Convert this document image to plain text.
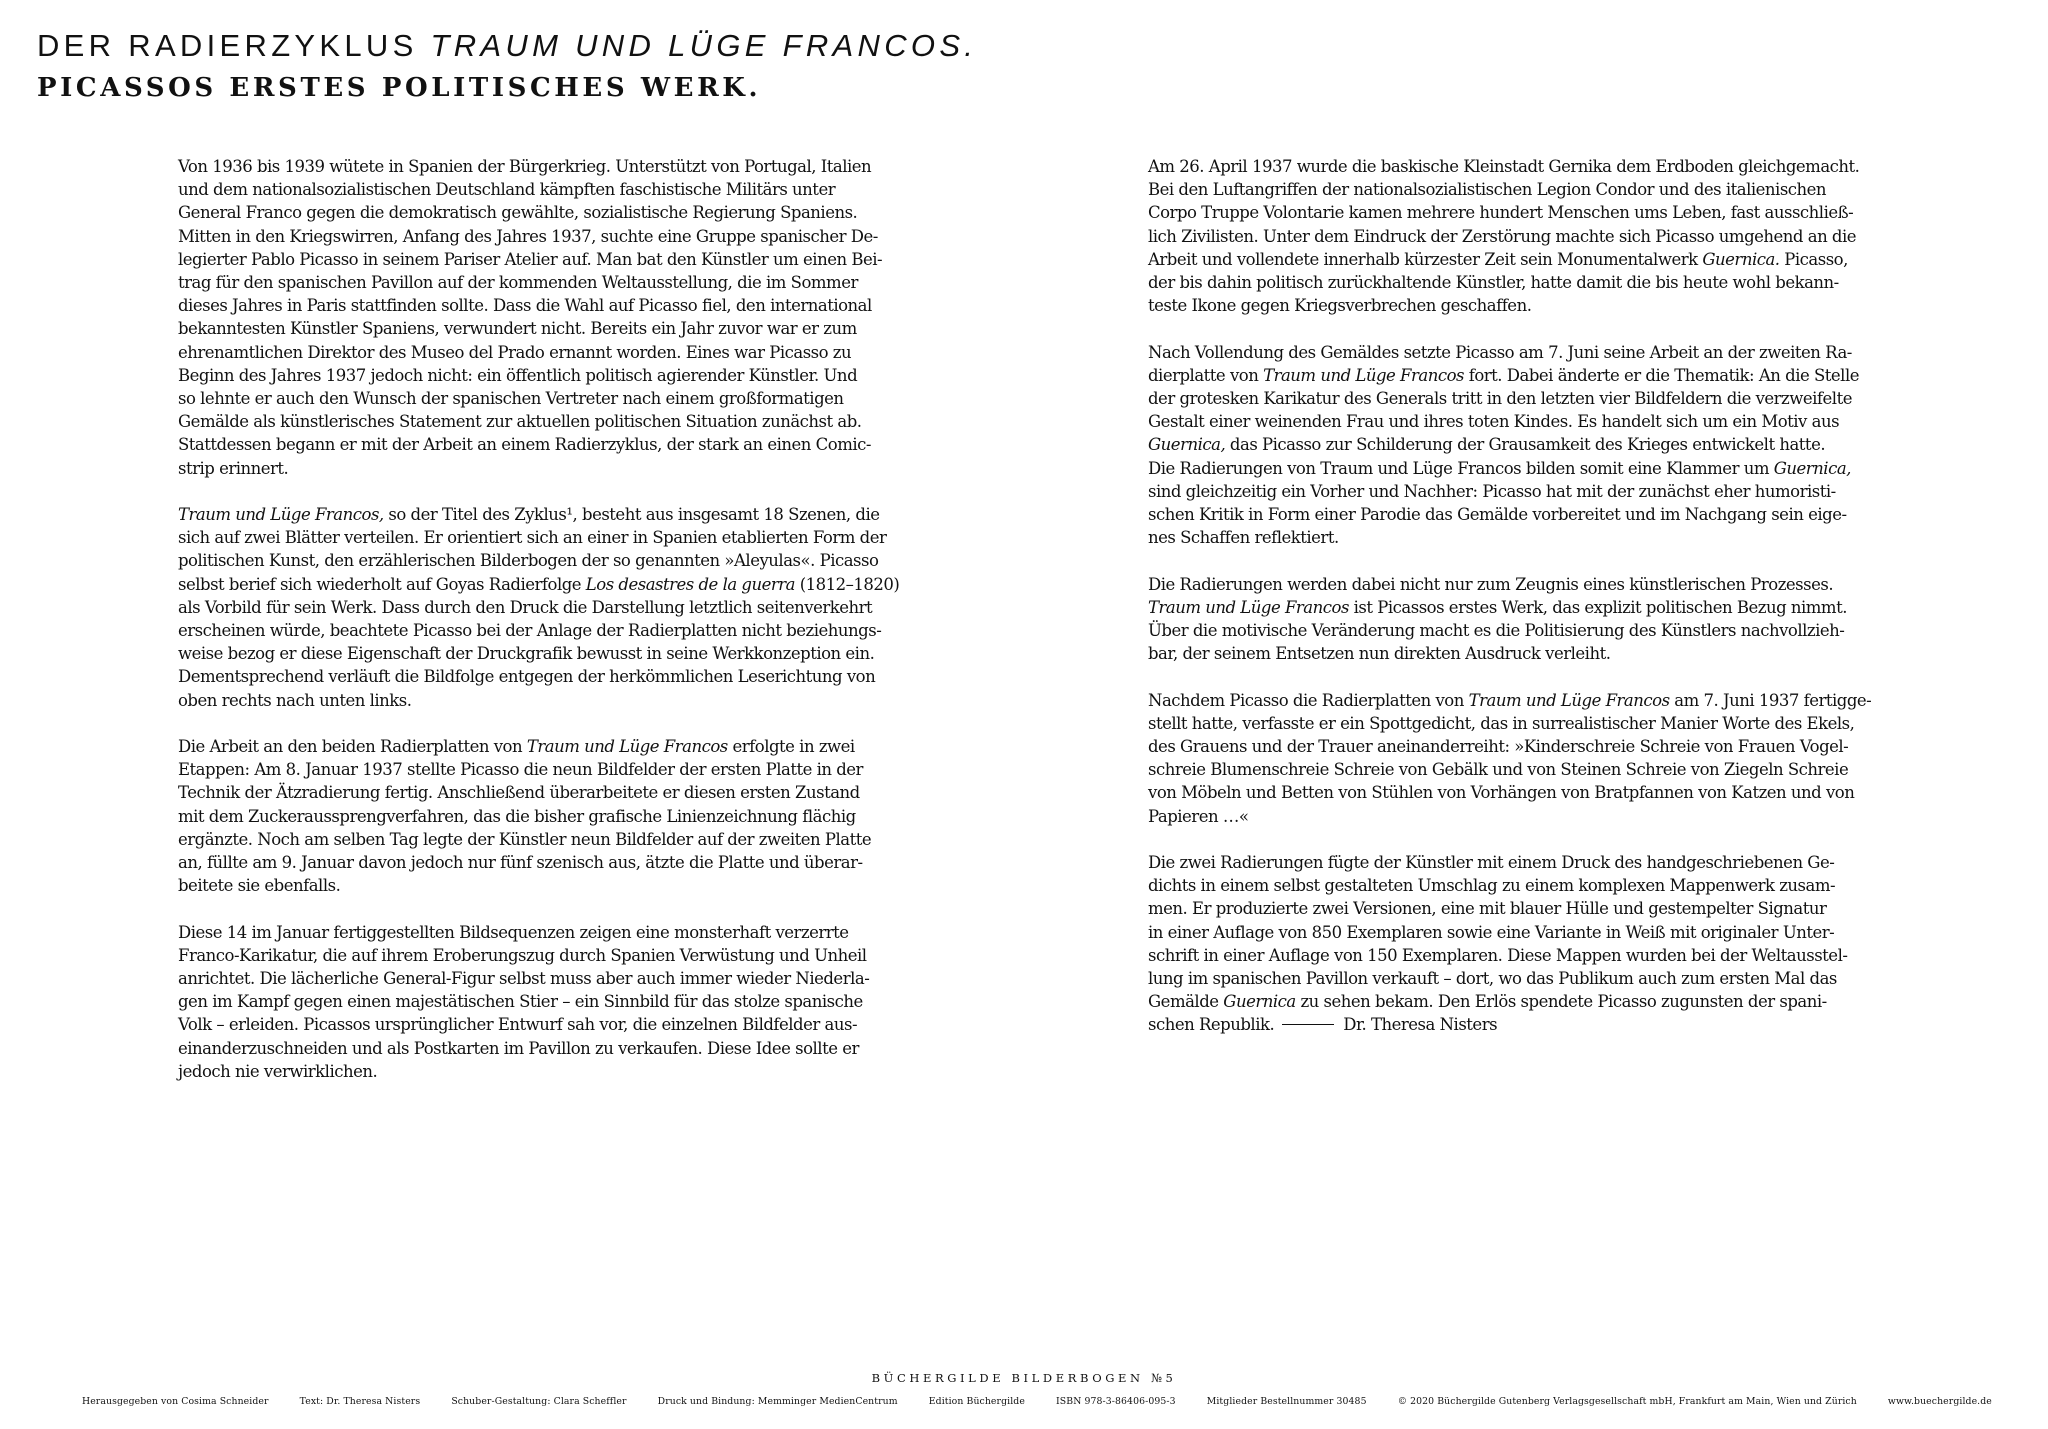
DER RADIERZYKLUS TRAUM UND LÜGE FRANCOS.
PICASSOS ERSTES POLITISCHES WERK.

Von 1936 bis 1939 wütete in Spanien der Bürgerkrieg. Unterstützt von Portugal, Italien
und dem nationalsozialistischen Deutschland kämpften faschistische Militärs unter
General Franco gegen die demokratisch gewählte, sozialistische Regierung Spaniens.
Mitten in den Kriegswirren, Anfang des Jahres 1937, suchte eine Gruppe spanischer De-
legierter Pablo Picasso in seinem Pariser Atelier auf. Man bat den Künstler um einen Bei-
trag für den spanischen Pavillon auf der kommenden Weltausstellung, die im Sommer
dieses Jahres in Paris stattfinden sollte. Dass die Wahl auf Picasso fiel, den international
bekanntesten Künstler Spaniens, verwundert nicht. Bereits ein Jahr zuvor war er zum
ehrenamtlichen Direktor des Museo del Prado ernannt worden. Eines war Picasso zu
Beginn des Jahres 1937 jedoch nicht: ein öffentlich politisch agierender Künstler. Und
so lehnte er auch den Wunsch der spanischen Vertreter nach einem großformatigen
Gemälde als künstlerisches Statement zur aktuellen politischen Situation zunächst ab.
Stattdessen begann er mit der Arbeit an einem Radierzyklus, der stark an einen Comic-
strip erinnert.

Traum und Lüge Francos, so der Titel des Zyklus¹, besteht aus insgesamt 18 Szenen, die
sich auf zwei Blätter verteilen. Er orientiert sich an einer in Spanien etablierten Form der
politischen Kunst, den erzählerischen Bilderbogen der so genannten »Aleyulas«. Picasso
selbst berief sich wiederholt auf Goyas Radierfolge Los desastres de la guerra (1812–1820)
als Vorbild für sein Werk. Dass durch den Druck die Darstellung letztlich seitenverkehrt
erscheinen würde, beachtete Picasso bei der Anlage der Radierplatten nicht beziehungs-
weise bezog er diese Eigenschaft der Druckgrafik bewusst in seine Werkkonzeption ein.
Dementsprechend verläuft die Bildfolge entgegen der herkömmlichen Leserichtung von
oben rechts nach unten links.

Die Arbeit an den beiden Radierplatten von Traum und Lüge Francos erfolgte in zwei
Etappen: Am 8. Januar 1937 stellte Picasso die neun Bildfelder der ersten Platte in der
Technik der Ätzradierung fertig. Anschließend überarbeitete er diesen ersten Zustand
mit dem Zuckeraussprengverfahren, das die bisher grafische Linienzeichnung flächig
ergänzte. Noch am selben Tag legte der Künstler neun Bildfelder auf der zweiten Platte
an, füllte am 9. Januar davon jedoch nur fünf szenisch aus, ätzte die Platte und überar-
beitete sie ebenfalls.

Diese 14 im Januar fertiggestellten Bildsequenzen zeigen eine monsterhaft verzerrte
Franco-Karikatur, die auf ihrem Eroberungszug durch Spanien Verwüstung und Unheil
anrichtet. Die lächerliche General-Figur selbst muss aber auch immer wieder Niederla-
gen im Kampf gegen einen majestätischen Stier – ein Sinnbild für das stolze spanische
Volk – erleiden. Picassos ursprünglicher Entwurf sah vor, die einzelnen Bildfelder aus-
einanderzuschneiden und als Postkarten im Pavillon zu verkaufen. Diese Idee sollte er
jedoch nie verwirklichen.

Am 26. April 1937 wurde die baskische Kleinstadt Gernika dem Erdboden gleichgemacht.
Bei den Luftangriffen der nationalsozialistischen Legion Condor und des italienischen
Corpo Truppe Volontarie kamen mehrere hundert Menschen ums Leben, fast ausschließ-
lich Zivilisten. Unter dem Eindruck der Zerstörung machte sich Picasso umgehend an die
Arbeit und vollendete innerhalb kürzester Zeit sein Monumentalwerk Guernica. Picasso,
der bis dahin politisch zurückhaltende Künstler, hatte damit die bis heute wohl bekann-
teste Ikone gegen Kriegsverbrechen geschaffen.

Nach Vollendung des Gemäldes setzte Picasso am 7. Juni seine Arbeit an der zweiten Ra-
dierplatte von Traum und Lüge Francos fort. Dabei änderte er die Thematik: An die Stelle
der grotesken Karikatur des Generals tritt in den letzten vier Bildfeldern die verzweifelte
Gestalt einer weinenden Frau und ihres toten Kindes. Es handelt sich um ein Motiv aus
Guernica, das Picasso zur Schilderung der Grausamkeit des Krieges entwickelt hatte.
Die Radierungen von Traum und Lüge Francos bilden somit eine Klammer um Guernica,
sind gleichzeitig ein Vorher und Nachher: Picasso hat mit der zunächst eher humoristi-
schen Kritik in Form einer Parodie das Gemälde vorbereitet und im Nachgang sein eige-
nes Schaffen reflektiert.

Die Radierungen werden dabei nicht nur zum Zeugnis eines künstlerischen Prozesses.
Traum und Lüge Francos ist Picassos erstes Werk, das explizit politischen Bezug nimmt.
Über die motivische Veränderung macht es die Politisierung des Künstlers nachvollzieh-
bar, der seinem Entsetzen nun direkten Ausdruck verleiht.

Nachdem Picasso die Radierplatten von Traum und Lüge Francos am 7. Juni 1937 fertigge-
stellt hatte, verfasste er ein Spottgedicht, das in surrealistischer Manier Worte des Ekels,
des Grauens und der Trauer aneinanderreiht: »Kinderschreie Schreie von Frauen Vogel-
schreie Blumenschreie Schreie von Gebälk und von Steinen Schreie von Ziegeln Schreie
von Möbeln und Betten von Stühlen von Vorhängen von Bratpfannen von Katzen und von
Papieren …«

Die zwei Radierungen fügte der Künstler mit einem Druck des handgeschriebenen Ge-
dichts in einem selbst gestalteten Umschlag zu einem komplexen Mappenwerk zusam-
men. Er produzierte zwei Versionen, eine mit blauer Hülle und gestempelter Signatur
in einer Auflage von 850 Exemplaren sowie eine Variante in Weiß mit originaler Unter-
schrift in einer Auflage von 150 Exemplaren. Diese Mappen wurden bei der Weltausstel-
lung im spanischen Pavillon verkauft – dort, wo das Publikum auch zum ersten Mal das
Gemälde Guernica zu sehen bekam. Den Erlös spendete Picasso zugunsten der spani-
schen Republik.	Dr. Theresa Nisters

BÜCHERGILDE BILDERBOGEN №5
Herausgegeben von Cosima Schneider	Text: Dr. Theresa Nisters	Schuber-Gestaltung: Clara Scheffler	Druck und Bindung: Memminger MedienCentrum	Edition Büchergilde	ISBN 978-3-86406-095-3	Mitglieder Bestellnummer 30485	© 2020 Büchergilde Gutenberg Verlagsgesellschaft mbH, Frankfurt am Main, Wien und Zürich	www.buechergilde.de
